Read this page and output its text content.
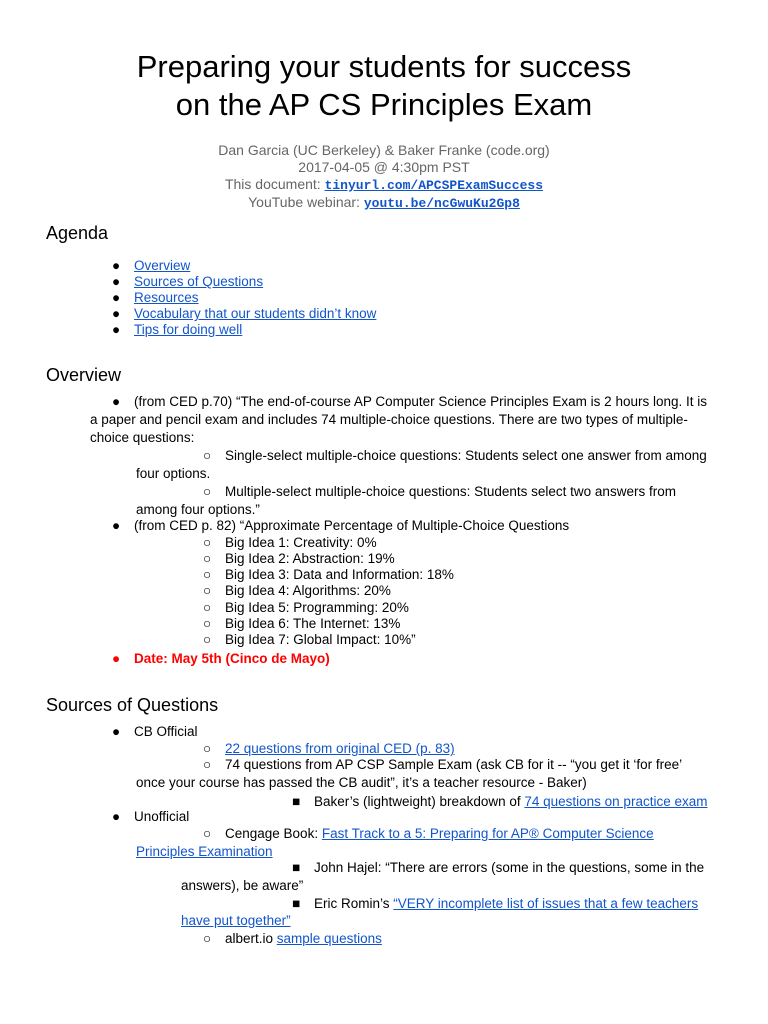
Preparing your students for success
on the AP CS Principles Exam
Dan Garcia (UC Berkeley) & Baker Franke (code.org)
2017-04-05 @ 4:30pm PST
This document: tinyurl.com/APCSPExamSuccess
YouTube webinar: youtu.be/ncGwuKu2Gp8
Agenda
● Overview
● Sources of Questions
● Resources
● Vocabulary that our students didn’t know
● Tips for doing well
Overview
● (from CED p.70) “The end-of-course AP Computer Science Principles Exam is 2 hours long. It is
a paper and pencil exam and includes 74 multiple-choice questions. There are two types of multiple-
choice questions:
○ Single-select multiple-choice questions: Students select one answer from among
four options.
○ Multiple-select multiple-choice questions: Students select two answers from
among four options.”
● (from CED p. 82) “Approximate Percentage of Multiple-Choice Questions
○ Big Idea 1: Creativity: 0%
○ Big Idea 2: Abstraction: 19%
○ Big Idea 3: Data and Information: 18%
○ Big Idea 4: Algorithms: 20%
○ Big Idea 5: Programming: 20%
○ Big Idea 6: The Internet: 13%
○ Big Idea 7: Global Impact: 10%”
● Date: May 5th (Cinco de Mayo)
Sources of Questions
● CB Official
○ 22 questions from original CED (p. 83)
○ 74 questions from AP CSP Sample Exam (ask CB for it -- “you get it ‘for free’
once your course has passed the CB audit”, it’s a teacher resource - Baker)
■ Baker’s (lightweight) breakdown of 74 questions on practice exam
● Unofficial
○ Cengage Book: Fast Track to a 5: Preparing for AP® Computer Science
Principles Examination
■ John Hajel: “There are errors (some in the questions, some in the
answers), be aware”
■ Eric Romin’s “VERY incomplete list of issues that a few teachers
have put together”
○ albert.io sample questions
